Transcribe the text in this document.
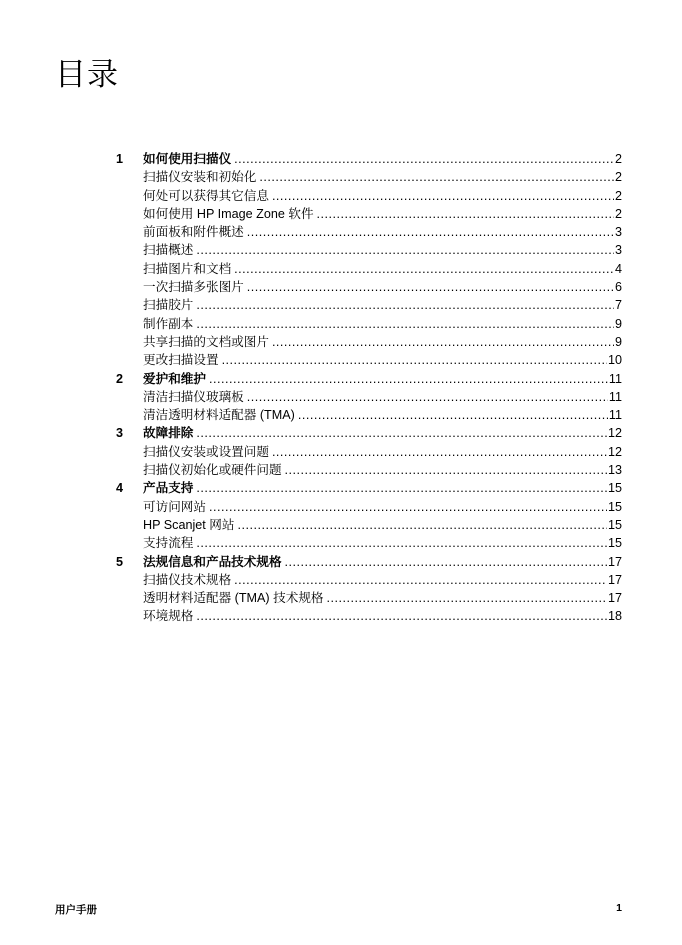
目录
1	如何使用扫描仪 .....	2
扫描仪安装和初始化 .....	2
何处可以获得其它信息 .....	2
如何使用 HP Image Zone 软件 .....	2
前面板和附件概述 .....	3
扫描概述 .....	3
扫描图片和文档 .....	4
一次扫描多张图片 .....	6
扫描胶片 .....	7
制作副本 .....	9
共享扫描的文档或图片 .....	9
更改扫描设置 .....	10
2	爱护和维护 .....	11
清洁扫描仪玻璃板 .....	11
清洁透明材料适配器 (TMA) .....	11
3	故障排除 .....	12
扫描仪安装或设置问题 .....	12
扫描仪初始化或硬件问题 .....	13
4	产品支持 .....	15
可访问网站 .....	15
HP Scanjet 网站 .....	15
支持流程 .....	15
5	法规信息和产品技术规格 .....	17
扫描仪技术规格 .....	17
透明材料适配器 (TMA) 技术规格 .....	17
环境规格 .....	18
用户手册	1
